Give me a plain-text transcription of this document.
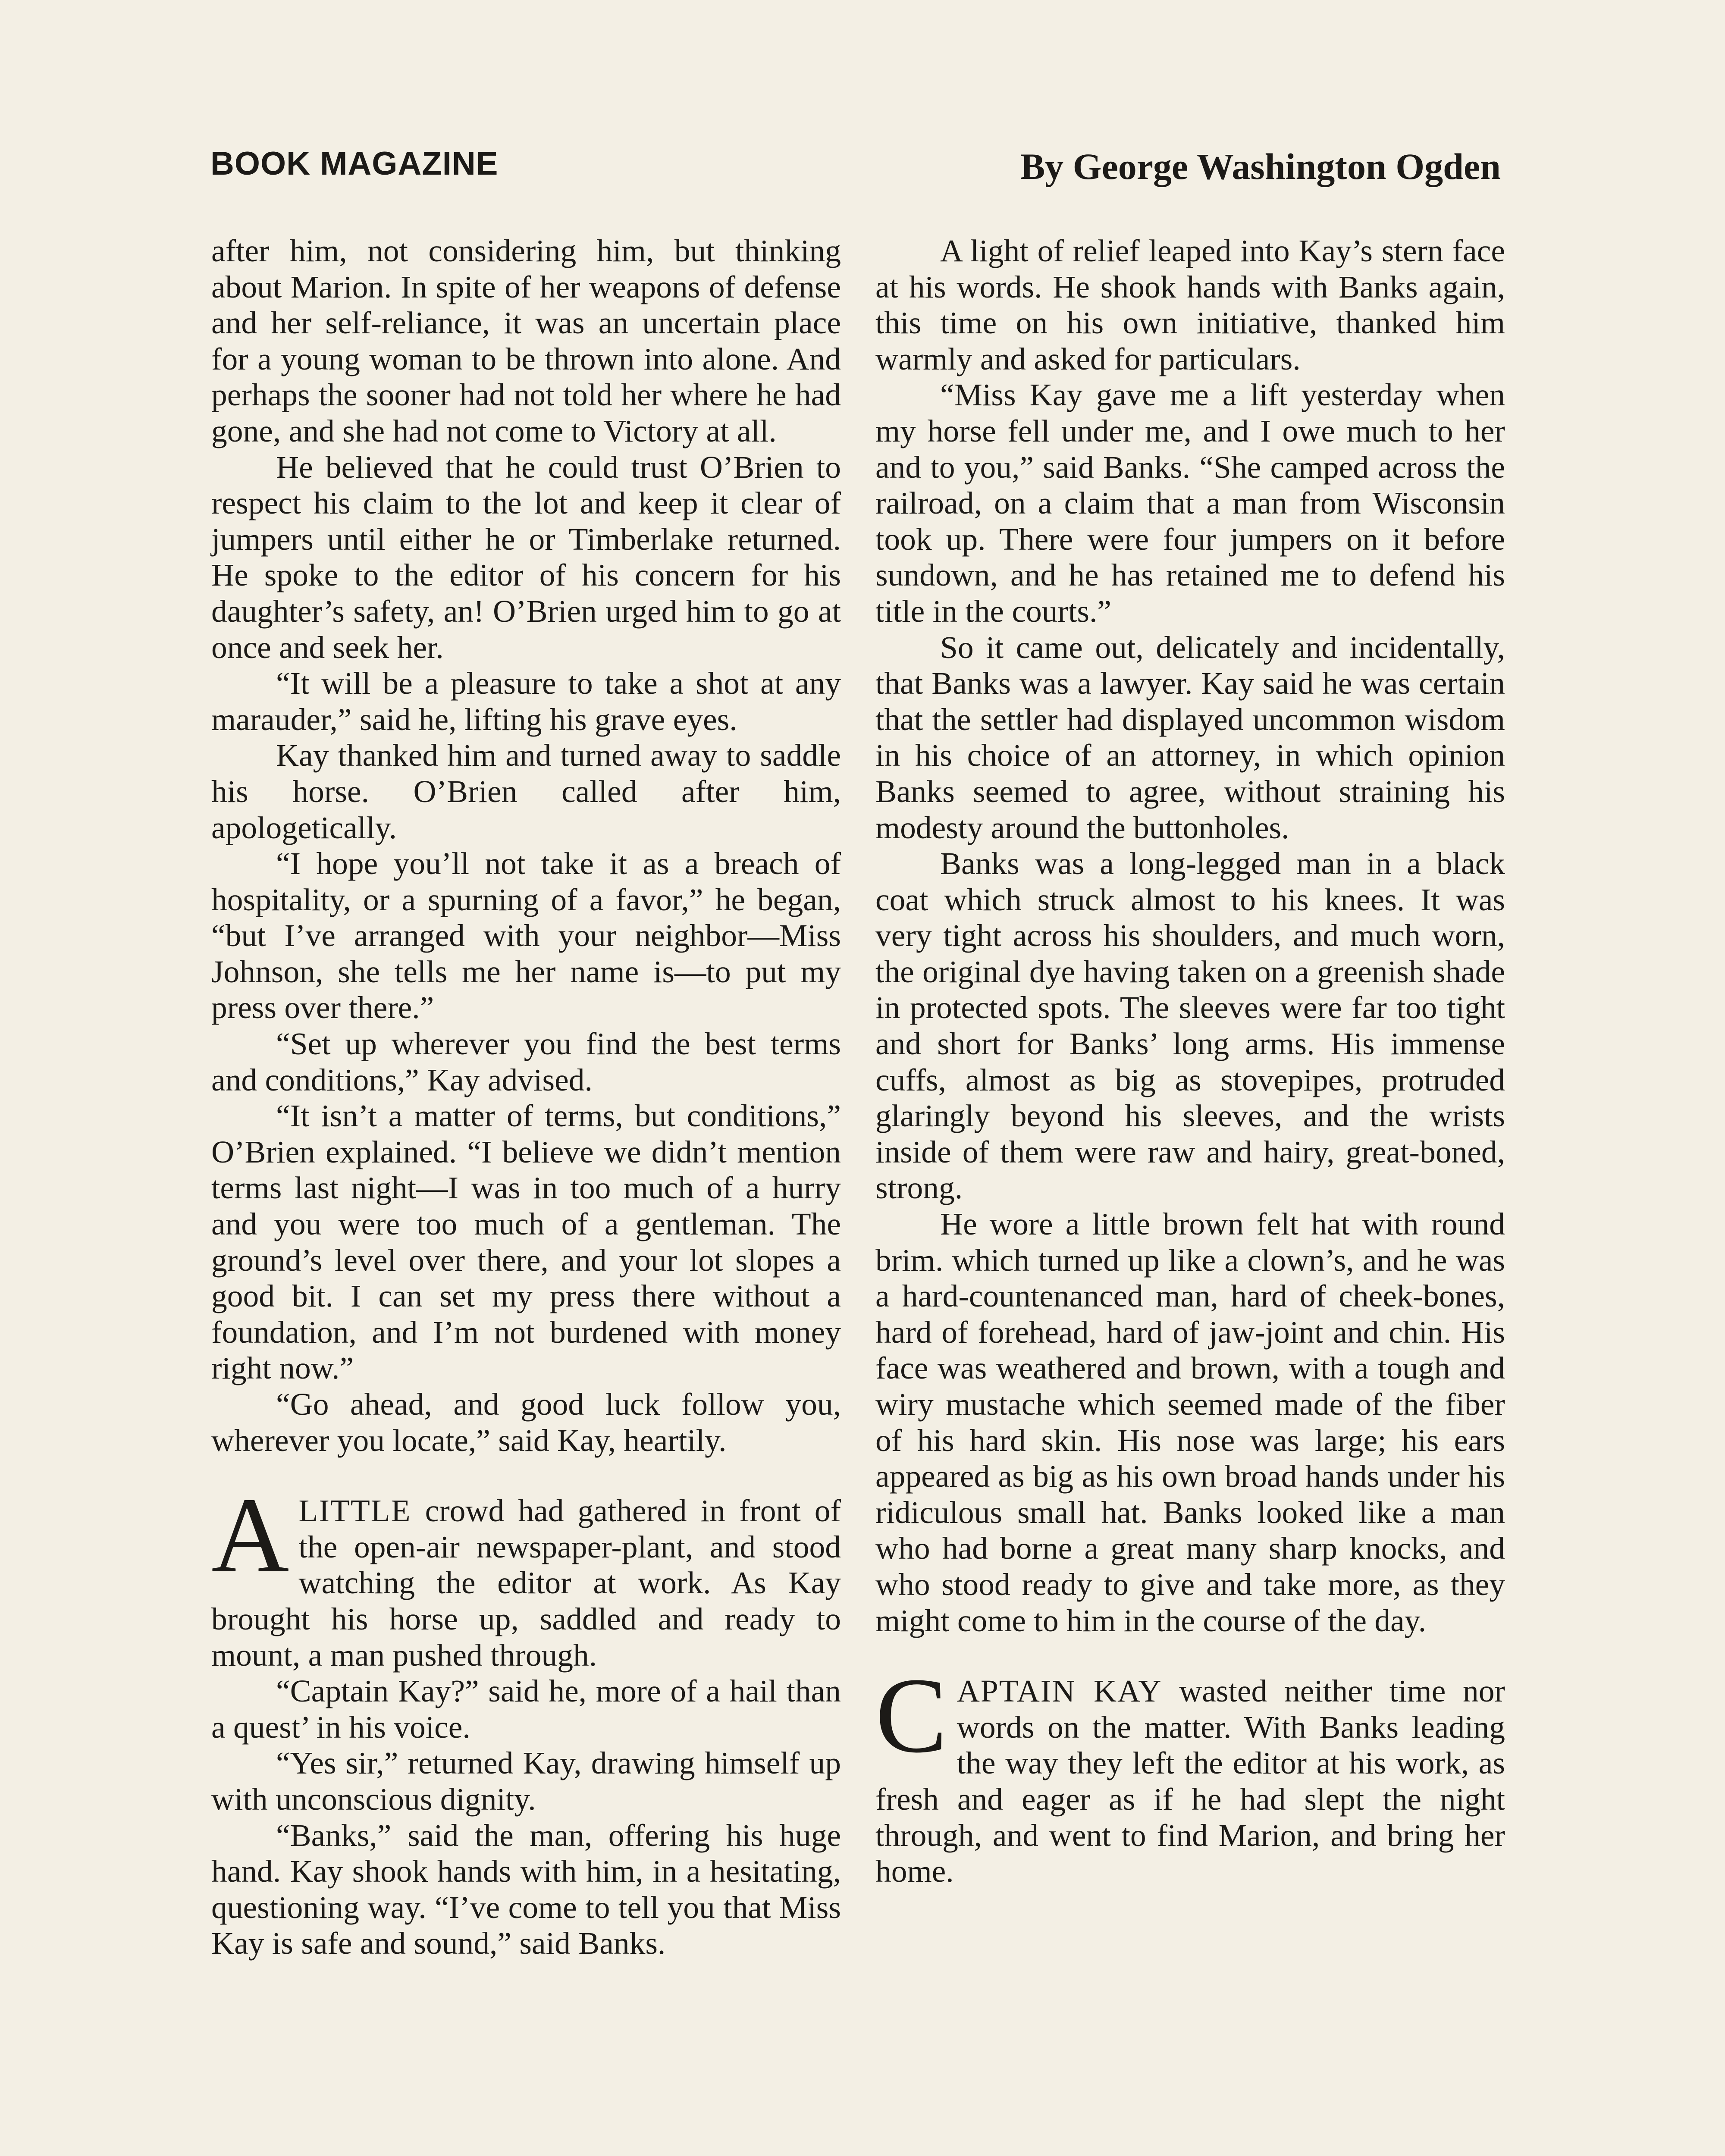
BOOK MAGAZINE	By George Washington Ogden

after him, not considering him, but thinking about Marion. In spite of her weapons of defense and her self-reliance, it was an uncertain place for a young woman to be thrown into alone. And perhaps the sooner had not told her where he had gone, and she had not come to Victory at all.

He believed that he could trust O’Brien to respect his claim to the lot and keep it clear of jumpers until either he or Timberlake returned. He spoke to the editor of his concern for his daughter’s safety, an! O’Brien urged him to go at once and seek her.

“It will be a pleasure to take a shot at any marauder,” said he, lifting his grave eyes.

Kay thanked him and turned away to saddle his horse. O’Brien called after him, apologetically.

“I hope you’ll not take it as a breach of hospitality, or a spurning of a favor,” he began, “but I’ve arranged with your neighbor—Miss Johnson, she tells me her name is—to put my press over there.”

“Set up wherever you find the best terms and conditions,” Kay advised.

“It isn’t a matter of terms, but conditions,” O’Brien explained. “I believe we didn’t mention terms last night—I was in too much of a hurry and you were too much of a gentleman. The ground’s level over there, and your lot slopes a good bit. I can set my press there without a foundation, and I’m not burdened with money right now.”

“Go ahead, and good luck follow you, wherever you locate,” said Kay, heartily.

ALITTLE crowd had gathered in front of the open-air newspaper-plant, and stood watching the editor at work. As Kay brought his horse up, saddled and ready to mount, a man pushed through.

“Captain Kay?” said he, more of a hail than a quest’ in his voice.

“Yes sir,” returned Kay, drawing himself up with unconscious dignity.

“Banks,” said the man, offering his huge hand. Kay shook hands with him, in a hesitating, questioning way. “I’ve come to tell you that Miss Kay is safe and sound,” said Banks.

A light of relief leaped into Kay’s stern face at his words. He shook hands with Banks again, this time on his own initiative, thanked him warmly and asked for particulars.

“Miss Kay gave me a lift yesterday when my horse fell under me, and I owe much to her and to you,” said Banks. “She camped across the railroad, on a claim that a man from Wisconsin took up. There were four jumpers on it before sundown, and he has retained me to defend his title in the courts.”

So it came out, delicately and incidentally, that Banks was a lawyer. Kay said he was certain that the settler had displayed uncommon wisdom in his choice of an attorney, in which opinion Banks seemed to agree, without straining his modesty around the buttonholes.

Banks was a long-legged man in a black coat which struck almost to his knees. It was very tight across his shoulders, and much worn, the original dye having taken on a greenish shade in protected spots. The sleeves were far too tight and short for Banks’ long arms. His immense cuffs, almost as big as stovepipes, protruded glaringly beyond his sleeves, and the wrists inside of them were raw and hairy, great-boned, strong.

He wore a little brown felt hat with round brim. which turned up like a clown’s, and he was a hard-countenanced man, hard of cheek-bones, hard of forehead, hard of jaw-joint and chin. His face was weathered and brown, with a tough and wiry mustache which seemed made of the fiber of his hard skin. His nose was large; his ears appeared as big as his own broad hands under his ridiculous small hat. Banks looked like a man who had borne a great many sharp knocks, and who stood ready to give and take more, as they might come to him in the course of the day.

CAPTAIN KAY wasted neither time nor words on the matter. With Banks leading the way they left the editor at his work, as fresh and eager as if he had slept the night through, and went to find Marion, and bring her home.
